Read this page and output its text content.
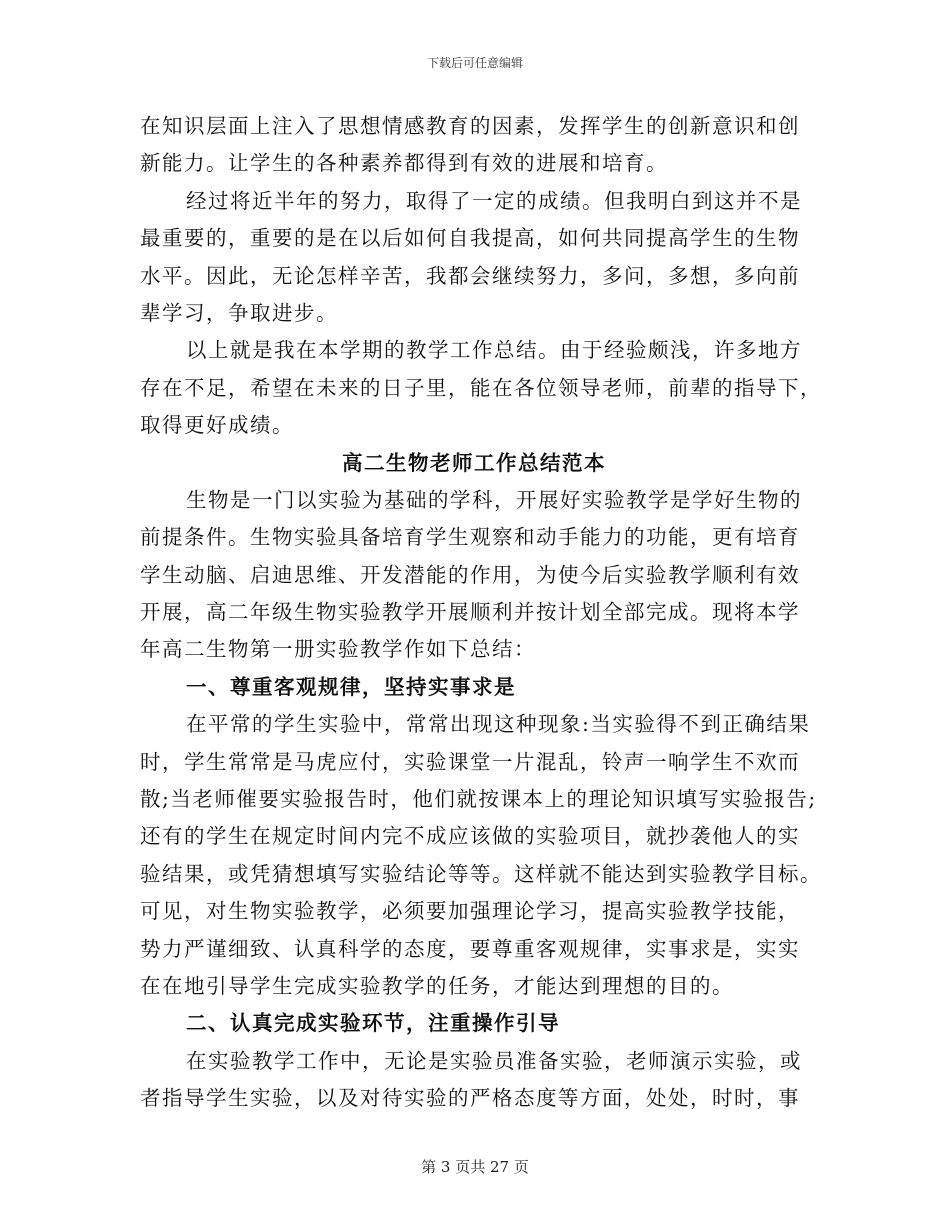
下载后可任意编辑
在知识层面上注入了思想情感教育的因素，发挥学生的创新意识和创
新能力。让学生的各种素养都得到有效的进展和培育。
经过将近半年的努力，取得了一定的成绩。但我明白到这并不是
最重要的，重要的是在以后如何自我提高，如何共同提高学生的生物
水平。因此，无论怎样辛苦，我都会继续努力，多问，多想，多向前
辈学习，争取进步。
以上就是我在本学期的教学工作总结。由于经验颇浅，许多地方
存在不足，希望在未来的日子里，能在各位领导老师，前辈的指导下，
取得更好成绩。
高二生物老师工作总结范本
生物是一门以实验为基础的学科，开展好实验教学是学好生物的
前提条件。生物实验具备培育学生观察和动手能力的功能，更有培育
学生动脑、启迪思维、开发潜能的作用，为使今后实验教学顺利有效
开展，高二年级生物实验教学开展顺利并按计划全部完成。现将本学
年高二生物第一册实验教学作如下总结：
一、尊重客观规律，坚持实事求是
在平常的学生实验中，常常出现这种现象:当实验得不到正确结果
时，学生常常是马虎应付，实验课堂一片混乱，铃声一响学生不欢而
散;当老师催要实验报告时，他们就按课本上的理论知识填写实验报告;
还有的学生在规定时间内完不成应该做的实验项目，就抄袭他人的实
验结果，或凭猜想填写实验结论等等。这样就不能达到实验教学目标。
可见，对生物实验教学，必须要加强理论学习，提高实验教学技能，
势力严谨细致、认真科学的态度，要尊重客观规律，实事求是，实实
在在地引导学生完成实验教学的任务，才能达到理想的目的。
二、认真完成实验环节，注重操作引导
在实验教学工作中，无论是实验员准备实验，老师演示实验，或
者指导学生实验，以及对待实验的严格态度等方面，处处，时时，事
第 3 页共 27 页
